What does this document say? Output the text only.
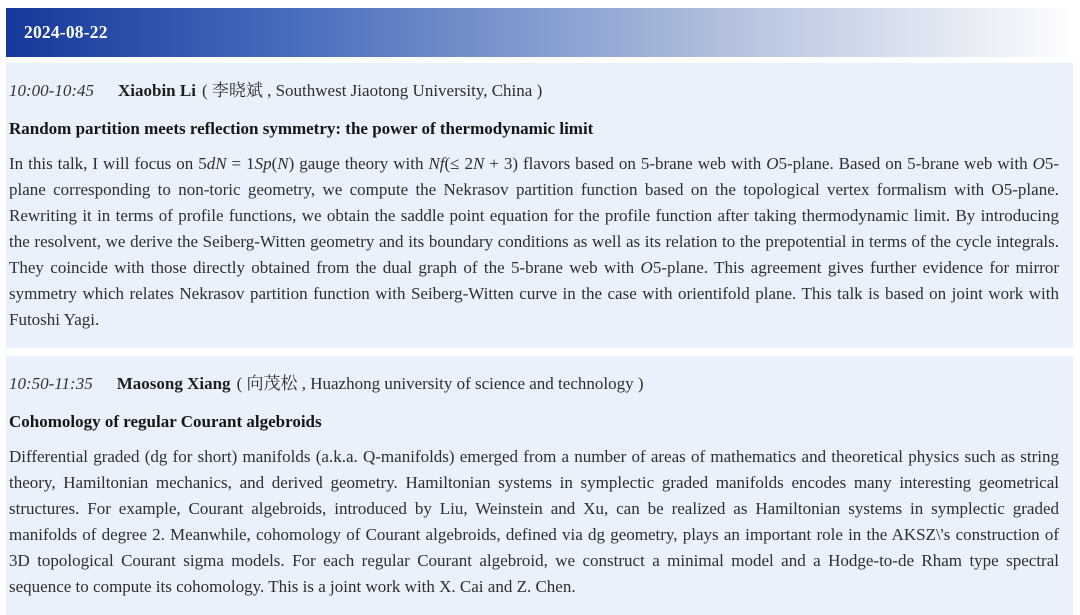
2024-08-22
10:00-10:45 Xiaobin Li ( 李晓斌 , Southwest Jiaotong University, China )
Random partition meets reflection symmetry: the power of thermodynamic limit
In this talk, I will focus on 5dN = 1Sp(N) gauge theory with Nf(≤ 2N + 3) flavors based on 5-brane web with O5-plane. Based on 5-brane web with O5-plane corresponding to non-toric geometry, we compute the Nekrasov partition function based on the topological vertex formalism with O5-plane. Rewriting it in terms of profile functions, we obtain the saddle point equation for the profile function after taking thermodynamic limit. By introducing the resolvent, we derive the Seiberg-Witten geometry and its boundary conditions as well as its relation to the prepotential in terms of the cycle integrals. They coincide with those directly obtained from the dual graph of the 5-brane web with O5-plane. This agreement gives further evidence for mirror symmetry which relates Nekrasov partition function with Seiberg-Witten curve in the case with orientifold plane. This talk is based on joint work with Futoshi Yagi.
10:50-11:35 Maosong Xiang ( 向茂松 , Huazhong university of science and technology )
Cohomology of regular Courant algebroids
Differential graded (dg for short) manifolds (a.k.a. Q-manifolds) emerged from a number of areas of mathematics and theoretical physics such as string theory, Hamiltonian mechanics, and derived geometry. Hamiltonian systems in symplectic graded manifolds encodes many interesting geometrical structures. For example, Courant algebroids, introduced by Liu, Weinstein and Xu, can be realized as Hamiltonian systems in symplectic graded manifolds of degree 2. Meanwhile, cohomology of Courant algebroids, defined via dg geometry, plays an important role in the AKSZ\'s construction of 3D topological Courant sigma models. For each regular Courant algebroid, we construct a minimal model and a Hodge-to-de Rham type spectral sequence to compute its cohomology. This is a joint work with X. Cai and Z. Chen.
